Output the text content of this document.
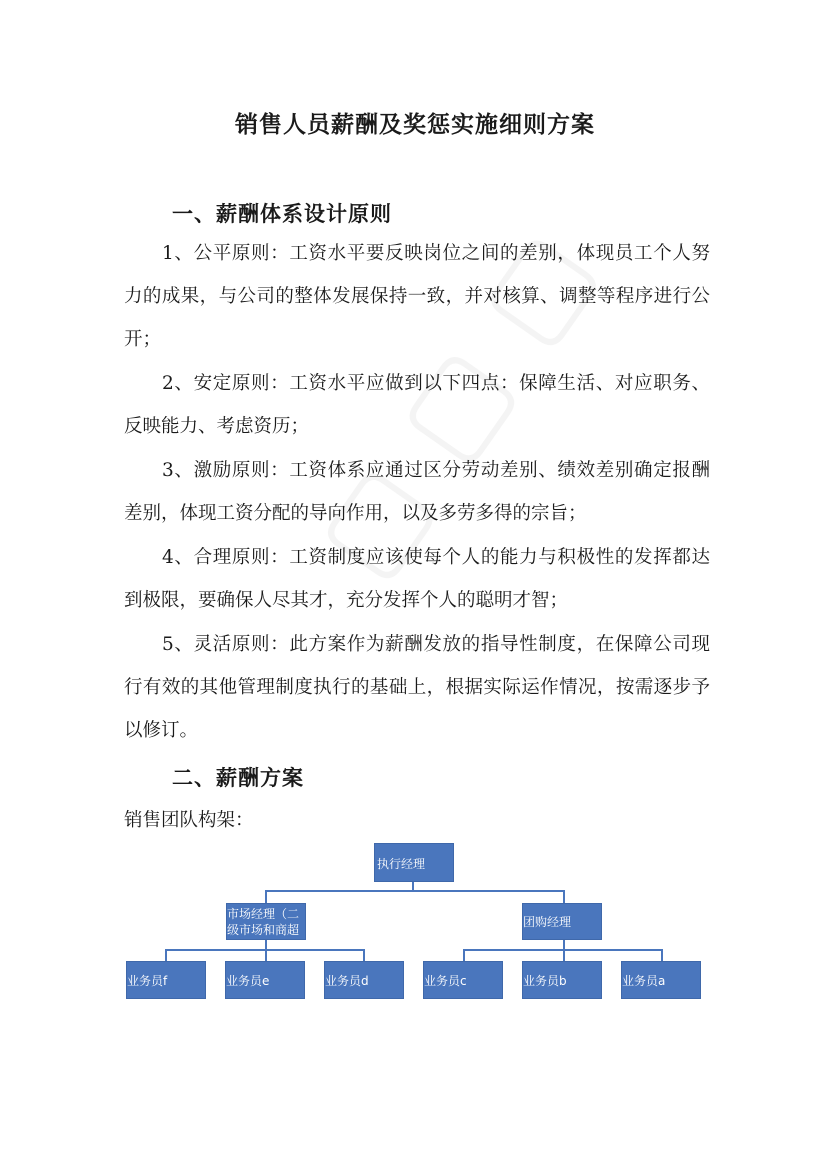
销售人员薪酬及奖惩实施细则方案
一、薪酬体系设计原则
1、公平原则：工资水平要反映岗位之间的差别，体现员工个人努力的成果，与公司的整体发展保持一致，并对核算、调整等程序进行公开；
2、安定原则：工资水平应做到以下四点：保障生活、对应职务、反映能力、考虑资历；
3、激励原则：工资体系应通过区分劳动差别、绩效差别确定报酬差别，体现工资分配的导向作用，以及多劳多得的宗旨；
4、合理原则：工资制度应该使每个人的能力与积极性的发挥都达到极限，要确保人尽其才，充分发挥个人的聪明才智；
5、灵活原则：此方案作为薪酬发放的指导性制度，在保障公司现行有效的其他管理制度执行的基础上，根据实际运作情况，按需逐步予以修订。
二、薪酬方案
销售团队构架：
执行经理
市场经理（二级市场和商超
团购经理
业务员f	业务员e	业务员d	业务员c	业务员b	业务员a
